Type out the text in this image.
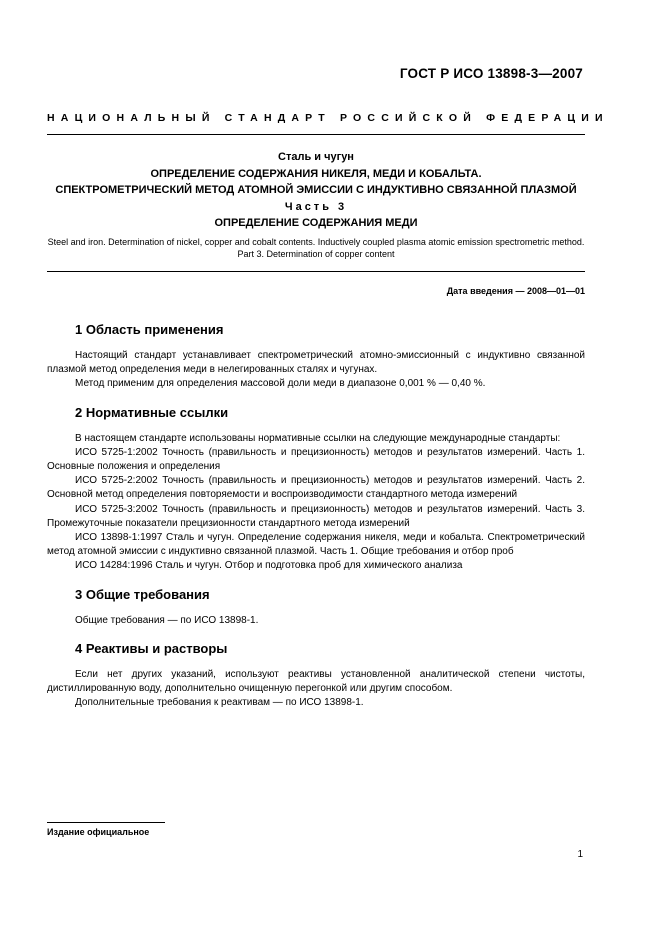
ГОСТ Р ИСО 13898-3—2007
НАЦИОНАЛЬНЫЙ СТАНДАРТ РОССИЙСКОЙ ФЕДЕРАЦИИ
Сталь и чугун
ОПРЕДЕЛЕНИЕ СОДЕРЖАНИЯ НИКЕЛЯ, МЕДИ И КОБАЛЬТА.
СПЕКТРОМЕТРИЧЕСКИЙ МЕТОД АТОМНОЙ ЭМИССИИ С ИНДУКТИВНО СВЯЗАННОЙ ПЛАЗМОЙ
Часть 3
ОПРЕДЕЛЕНИЕ СОДЕРЖАНИЯ МЕДИ
Steel and iron. Determination of nickel, copper and cobalt contents. Inductively coupled plasma atomic emission spectrometric method. Part 3. Determination of copper content
Дата введения — 2008—01—01
1 Область применения

Настоящий стандарт устанавливает спектрометрический атомно-эмиссионный с индуктивно связанной плазмой метод определения меди в нелегированных сталях и чугунах.

Метод применим для определения массовой доли меди в диапазоне 0,001 % — 0,40 %.

2 Нормативные ссылки

В настоящем стандарте использованы нормативные ссылки на следующие международные стандарты:

ИСО 5725-1:2002 Точность (правильность и прецизионность) методов и результатов измерений. Часть 1. Основные положения и определения

ИСО 5725-2:2002 Точность (правильность и прецизионность) методов и результатов измерений. Часть 2. Основной метод определения повторяемости и воспроизводимости стандартного метода измерений

ИСО 5725-3:2002 Точность (правильность и прецизионность) методов и результатов измерений. Часть 3. Промежуточные показатели прецизионности стандартного метода измерений

ИСО 13898-1:1997 Сталь и чугун. Определение содержания никеля, меди и кобальта. Спектрометрический метод атомной эмиссии с индуктивно связанной плазмой. Часть 1. Общие требования и отбор проб

ИСО 14284:1996 Сталь и чугун. Отбор и подготовка проб для химического анализа

3 Общие требования

Общие требования — по ИСО 13898-1.

4 Реактивы и растворы

Если нет других указаний, используют реактивы установленной аналитической степени чистоты, дистиллированную воду, дополнительно очищенную перегонкой или другим способом.

Дополнительные требования к реактивам — по ИСО 13898-1.

Издание официальное
1
